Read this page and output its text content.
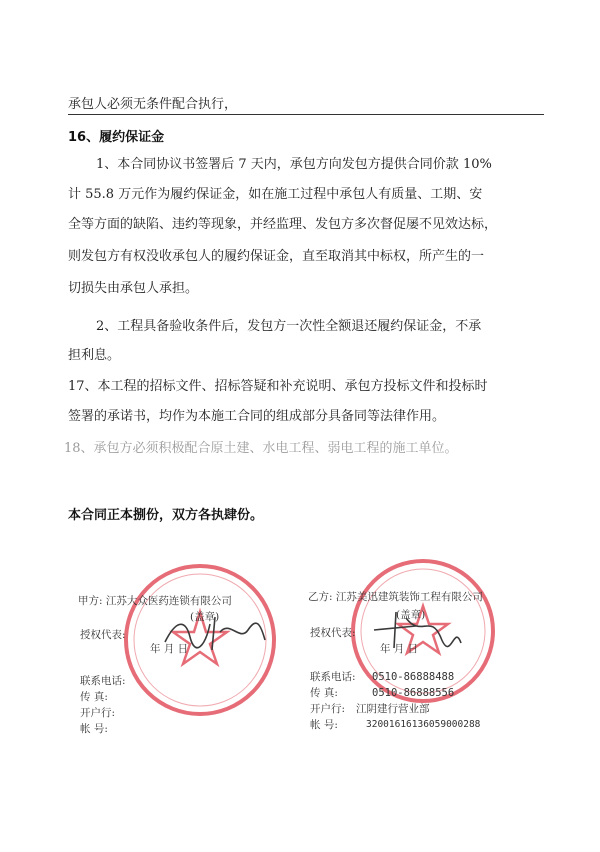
承包人必须无条件配合执行，
16、履约保证金
1、本合同协议书签署后 7 天内，承包方向发包方提供合同价款 10%
计 55.8 万元作为履约保证金，如在施工过程中承包人有质量、工期、安
全等方面的缺陷、违约等现象，并经监理、发包方多次督促屡不见效达标，
则发包方有权没收承包人的履约保证金，直至取消其中标权，所产生的一
切损失由承包人承担。
2、工程具备验收条件后，发包方一次性全额退还履约保证金，不承
担利息。
17、本工程的招标文件、招标答疑和补充说明、承包方投标文件和投标时
签署的承诺书，均作为本施工合同的组成部分具备同等法律作用。
18、承包方必须积极配合原土建、水电工程、弱电工程的施工单位。
本合同正本捌份，双方各执肆份。
甲方: 江苏大众医药连锁有限公司
(盖章)
授权代表:
年 月 日
联系电话:
传 真:
开户行:
帐 号:
乙方: 江苏美迅建筑装饰工程有限公司
(盖章)
授权代表:
年 月 日
联系电话: 0510-86888488
传 真:	0510-86888556
开户行: 江阴建行营业部
帐 号:	32001616136059000288
